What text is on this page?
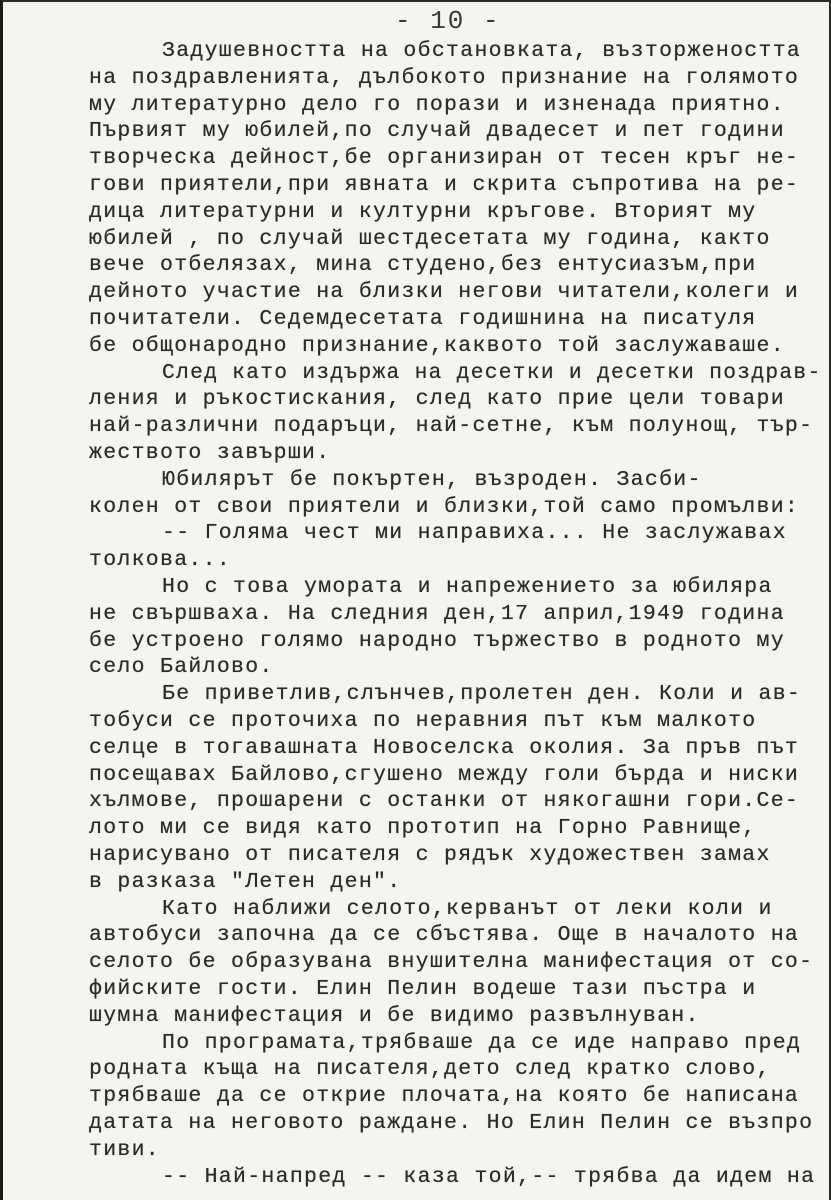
- 10 -
Задушевността на обстановката, възторжеността
на поздравленията, дълбокото признание на голямото
му литературно дело го порази и изненада приятно.
Първият му юбилей,по случай двадесет и пет години
творческа дейност,бе организиран от тесен кръг не-
гови приятели,при явната и скрита съпротива на ре-
дица литературни и културни кръгове. Вторият му
юбилей , по случай шестдесетата му година, както
вече отбелязах, мина студено,без ентусиазъм,при
дейното участие на близки негови читатели,колеги и
почитатели. Седемдесетата годишнина на писатуля
бе общонародно признание,каквото той заслужаваше.
След като издържа на десетки и десетки поздрав-
ления и ръкостискания, след като прие цели товари
най-различни подаръци, най-сетне, към полунощ, тър-
жеството завърши.
Юбилярът бе покъртен, възроден. Засби-
колен от свои приятели и близки,той само промълви:
-- Голяма чест ми направиха... Не заслужавах
толкова...
Но с това умората и напрежението за юбиляра
не свършваха. На следния ден,17 април,1949 година
бе устроено голямо народно тържество в родното му
село Байлово.
Бе приветлив,слънчев,пролетен ден. Коли и ав-
тобуси се проточиха по неравния път към малкото
селце в тогавашната Новоселска околия. За пръв път
посещавах Байлово,сгушено между голи бърда и ниски
хълмове, прошарени с останки от някогашни гори.Се-
лото ми се видя като прототип на Горно Равнище,
нарисувано от писателя с рядък художествен замах
в разказа "Летен ден".
Като наближи селото,керванът от леки коли и
автобуси започна да се сбъстява. Още в началото на
селото бе образувана внушителна манифестация от со-
фийските гости. Елин Пелин водеше тази пъстра и
шумна манифестация и бе видимо развълнуван.
По програмата,трябваше да се иде направо пред
родната къща на писателя,дето след кратко слово,
трябваше да се открие плочата,на която бе написана
датата на неговото раждане. Но Елин Пелин се възпро
тиви.
-- Най-напред -- каза той,-- трябва да идем на
